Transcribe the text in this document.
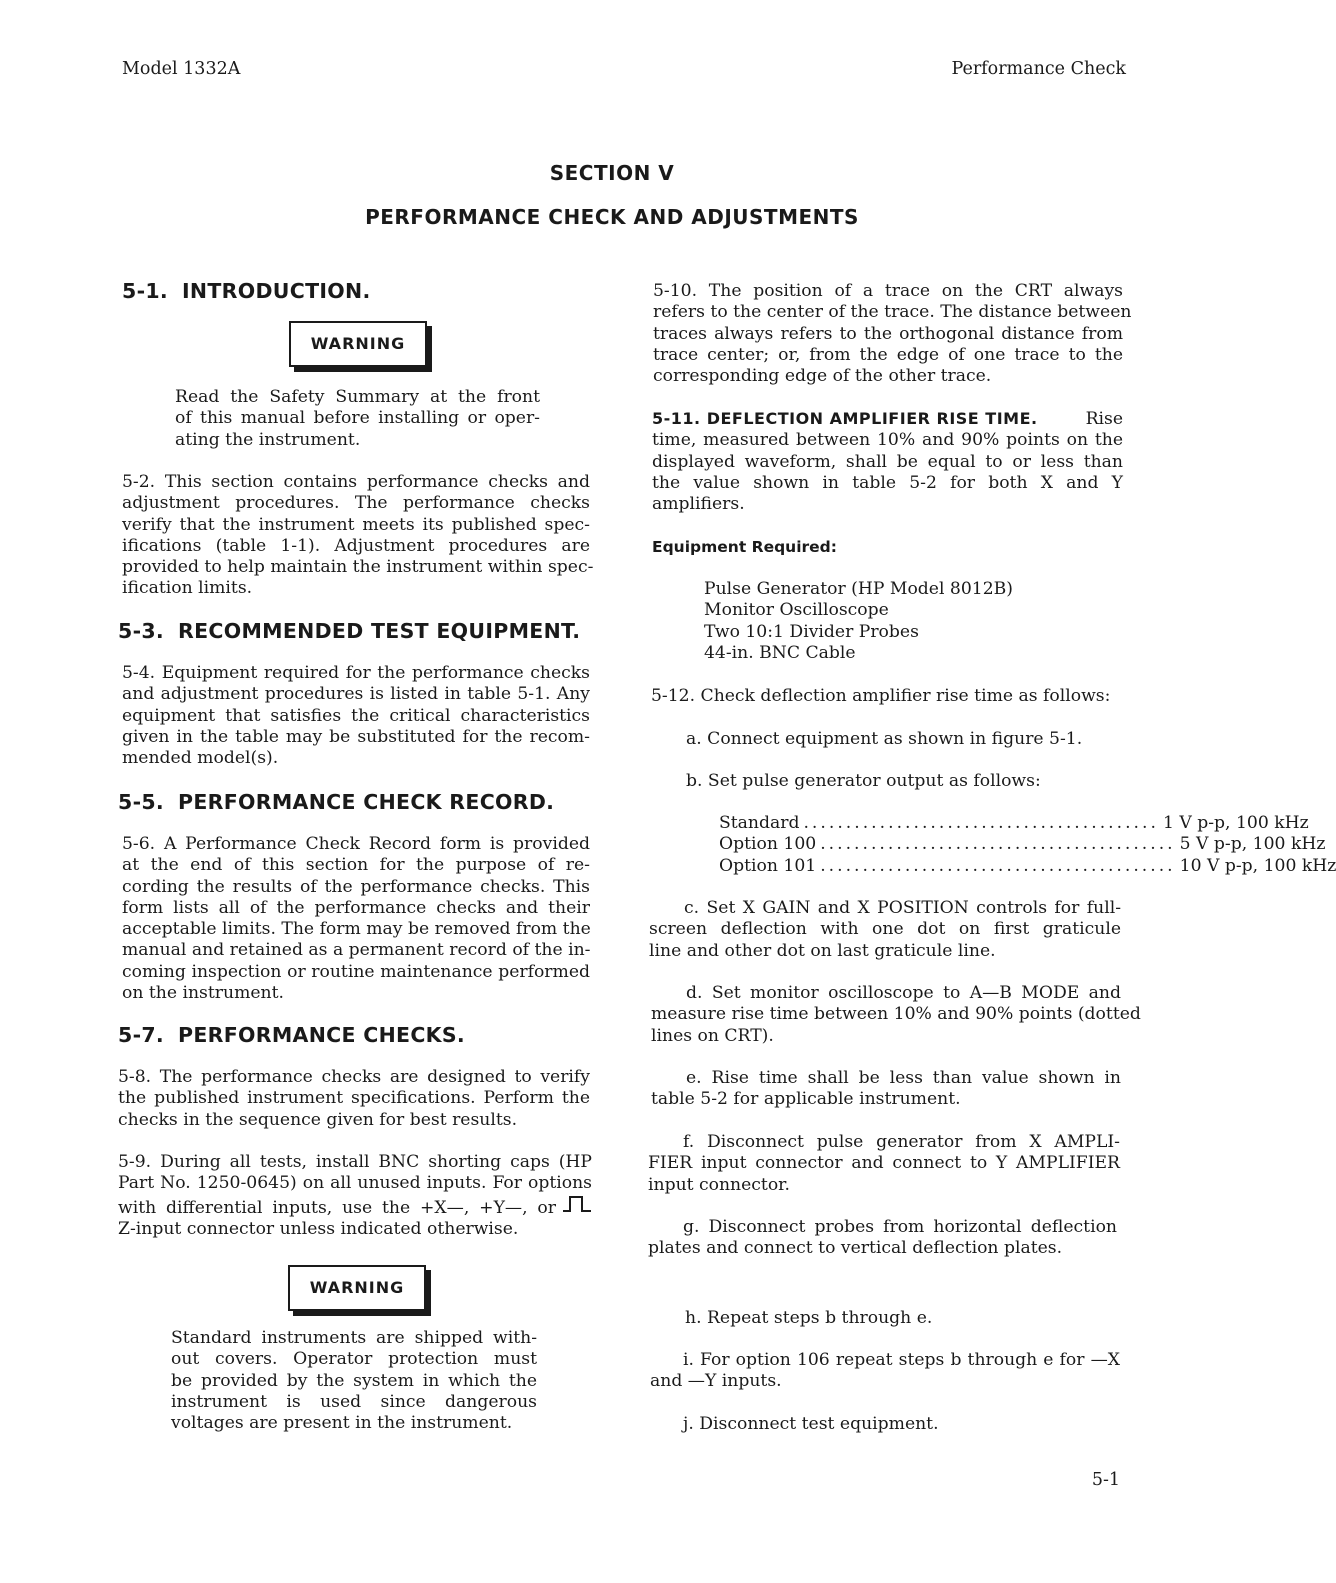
Model 1332A	Performance Check
SECTION V
PERFORMANCE CHECK AND ADJUSTMENTS
5-1. INTRODUCTION.
WARNING
Read the Safety Summary at the front
of this manual before installing or oper-
ating the instrument.
5-2. This section contains performance checks and
adjustment procedures. The performance checks
verify that the instrument meets its published spec-
ifications (table 1-1). Adjustment procedures are
provided to help maintain the instrument within spec-
ification limits.
5-3. RECOMMENDED TEST EQUIPMENT.
5-4. Equipment required for the performance checks
and adjustment procedures is listed in table 5-1. Any
equipment that satisfies the critical characteristics
given in the table may be substituted for the recom-
mended model(s).
5-5. PERFORMANCE CHECK RECORD.
5-6. A Performance Check Record form is provided
at the end of this section for the purpose of re-
cording the results of the performance checks. This
form lists all of the performance checks and their
acceptable limits. The form may be removed from the
manual and retained as a permanent record of the in-
coming inspection or routine maintenance performed
on the instrument.
5-7. PERFORMANCE CHECKS.
5-8. The performance checks are designed to verify
the published instrument specifications. Perform the
checks in the sequence given for best results.
5-9. During all tests, install BNC shorting caps (HP
Part No. 1250-0645) on all unused inputs. For options
with differential inputs, use the +X—, +Y—, or
Z-input connector unless indicated otherwise.
WARNING
Standard instruments are shipped with-
out covers. Operator protection must
be provided by the system in which the
instrument is used since dangerous
voltages are present in the instrument.
5-10. The position of a trace on the CRT always
refers to the center of the trace. The distance between
traces always refers to the orthogonal distance from
trace center; or, from the edge of one trace to the
corresponding edge of the other trace.
5-11. DEFLECTION AMPLIFIER RISE TIME.	Rise
time, measured between 10% and 90% points on the
displayed waveform, shall be equal to or less than
the value shown in table 5-2 for both X and Y
amplifiers.
Equipment Required:
Pulse Generator (HP Model 8012B)
Monitor Oscilloscope
Two 10:1 Divider Probes
44-in. BNC Cable
5-12. Check deflection amplifier rise time as follows:
a. Connect equipment as shown in figure 5-1.
b. Set pulse generator output as follows:
Standard .......................................... 1 V p-p, 100 kHz
Option 100 .......................................... 5 V p-p, 100 kHz
Option 101 .......................................... 10 V p-p, 100 kHz
c. Set X GAIN and X POSITION controls for full-
screen deflection with one dot on first graticule
line and other dot on last graticule line.
d. Set monitor oscilloscope to A—B MODE and
measure rise time between 10% and 90% points (dotted
lines on CRT).
e. Rise time shall be less than value shown in
table 5-2 for applicable instrument.
f. Disconnect pulse generator from X AMPLI-
FIER input connector and connect to Y AMPLIFIER
input connector.
g. Disconnect probes from horizontal deflection
plates and connect to vertical deflection plates.
h. Repeat steps b through e.
i. For option 106 repeat steps b through e for —X
and —Y inputs.
j. Disconnect test equipment.
5-1
